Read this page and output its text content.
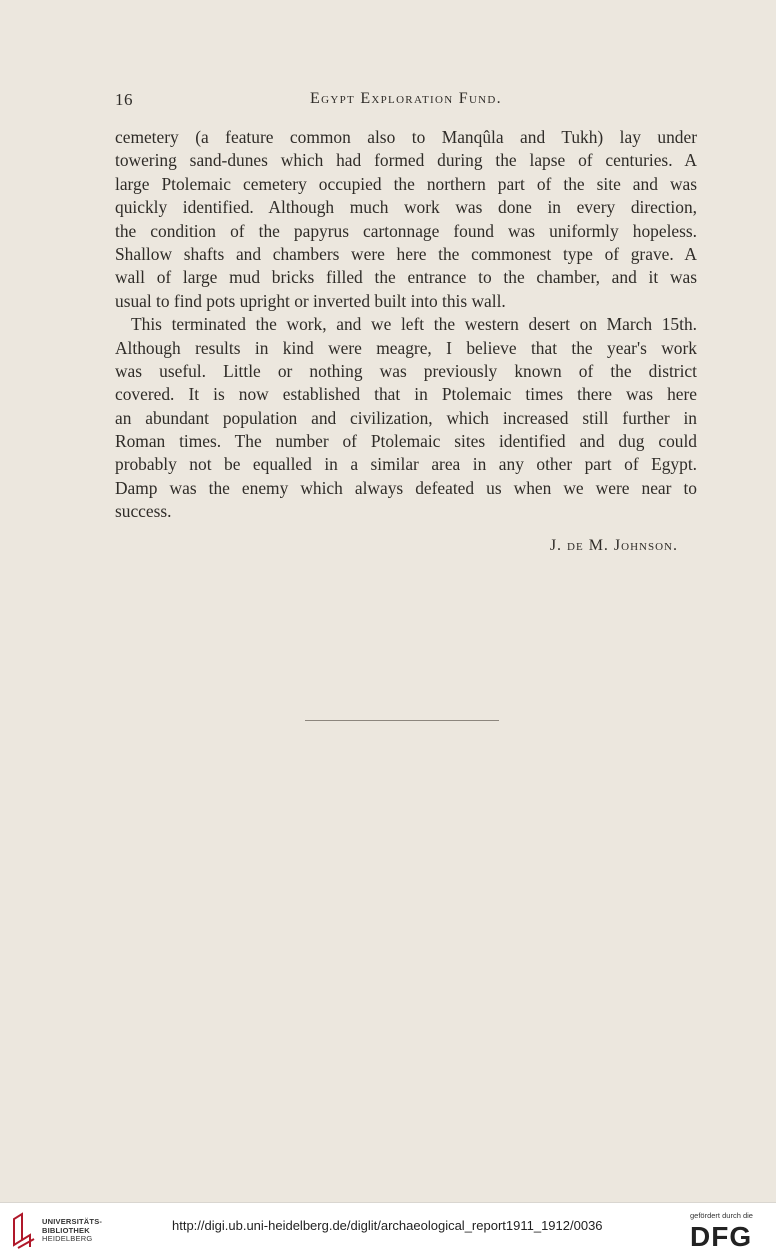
16	Egypt Exploration Fund.
cemetery (a feature common also to Manqûla and Tukh) lay under
towering sand-dunes which had formed during the lapse of centuries. A
large Ptolemaic cemetery occupied the northern part of the site and was
quickly identified. Although much work was done in every direction,
the condition of the papyrus cartonnage found was uniformly hopeless.
Shallow shafts and chambers were here the commonest type of grave. A
wall of large mud bricks filled the entrance to the chamber, and it was
usual to find pots upright or inverted built into this wall.
This terminated the work, and we left the western desert on March 15th.
Although results in kind were meagre, I believe that the year's work
was useful. Little or nothing was previously known of the district
covered. It is now established that in Ptolemaic times there was here
an abundant population and civilization, which increased still further in
Roman times. The number of Ptolemaic sites identified and dug could
probably not be equalled in a similar area in any other part of Egypt.
Damp was the enemy which always defeated us when we were near to
success.
J. de M. Johnson.
UNIVERSITÄTS-
BIBLIOTHEK
HEIDELBERG
http://digi.ub.uni-heidelberg.de/diglit/archaeological_report1911_1912/0036
gefördert durch die
DFG
